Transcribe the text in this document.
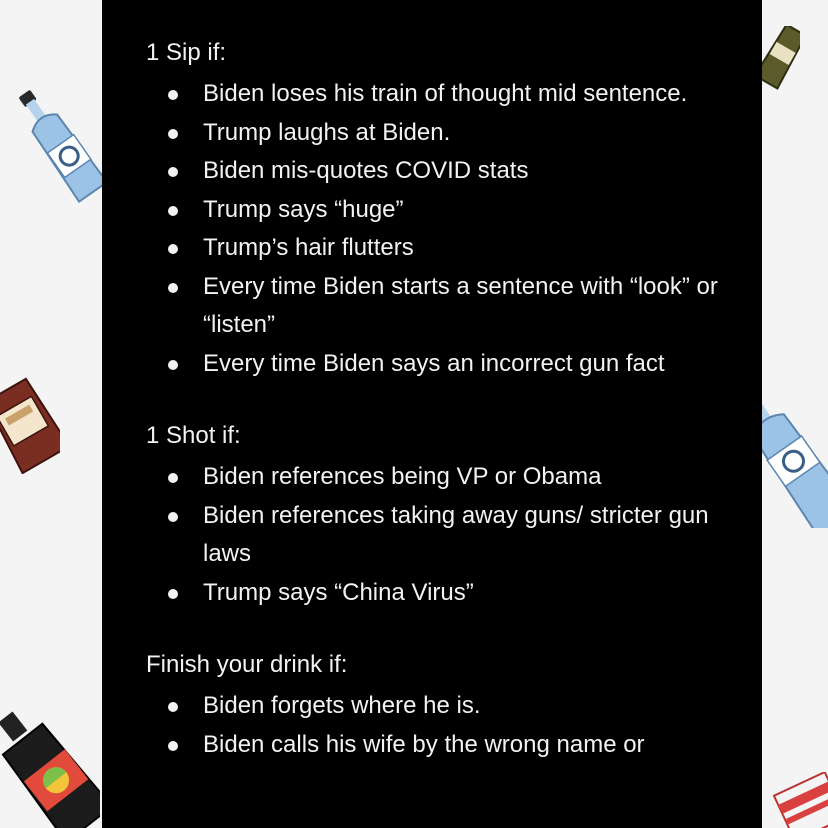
1 Sip if:
Biden loses his train of thought mid sentence.
Trump laughs at Biden.
Biden mis-quotes COVID stats
Trump says “huge”
Trump’s hair flutters
Every time Biden starts a sentence with “look” or “listen”
Every time Biden says an incorrect gun fact
1 Shot if:
Biden references being VP or Obama
Biden references taking away guns/ stricter gun laws
Trump says “China Virus”
Finish your drink if:
Biden forgets where he is.
Biden calls his wife by the wrong name or
